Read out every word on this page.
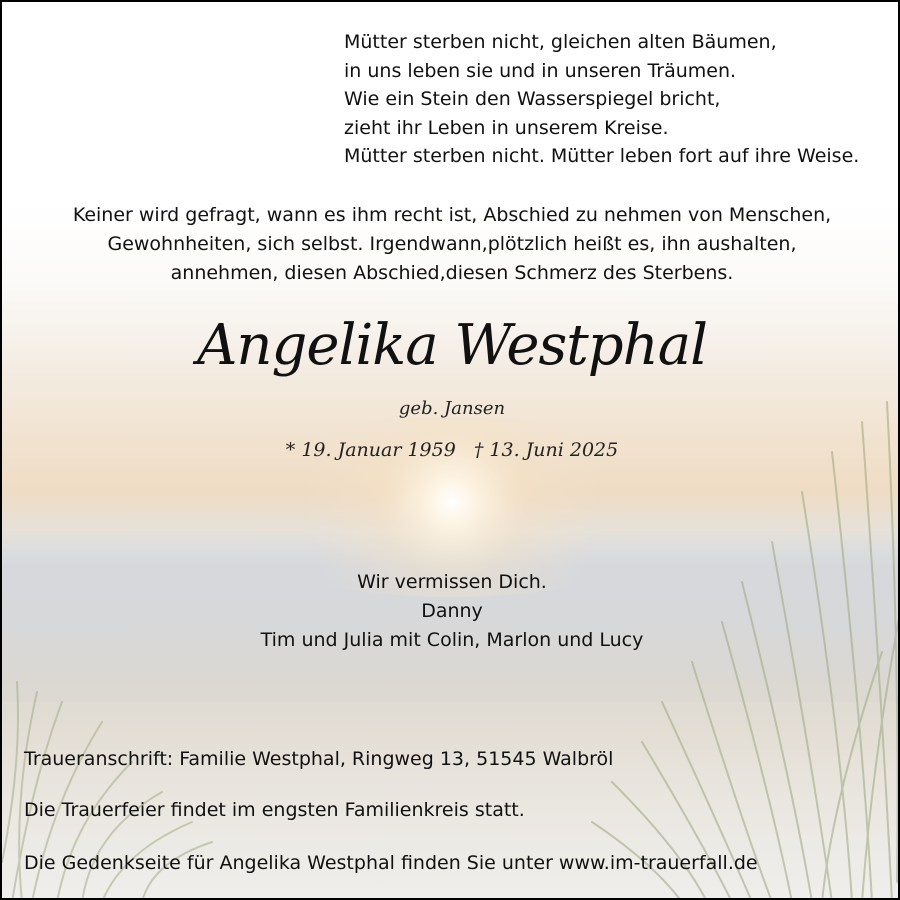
Mütter sterben nicht, gleichen alten Bäumen,
in uns leben sie und in unseren Träumen.
Wie ein Stein den Wasserspiegel bricht,
zieht ihr Leben in unserem Kreise.
Mütter sterben nicht. Mütter leben fort auf ihre Weise.
Keiner wird gefragt, wann es ihm recht ist, Abschied zu nehmen von Menschen,
Gewohnheiten, sich selbst. Irgendwann,plötzlich heißt es, ihn aushalten,
annehmen, diesen Abschied,diesen Schmerz des Sterbens.
Angelika Westphal
geb. Jansen
* 19. Januar 1959 † 13. Juni 2025
Wir vermissen Dich.
Danny
Tim und Julia mit Colin, Marlon und Lucy
Traueranschrift: Familie Westphal, Ringweg 13, 51545 Walbröl
Die Trauerfeier findet im engsten Familienkreis statt.
Die Gedenkseite für Angelika Westphal finden Sie unter www.im-trauerfall.de
